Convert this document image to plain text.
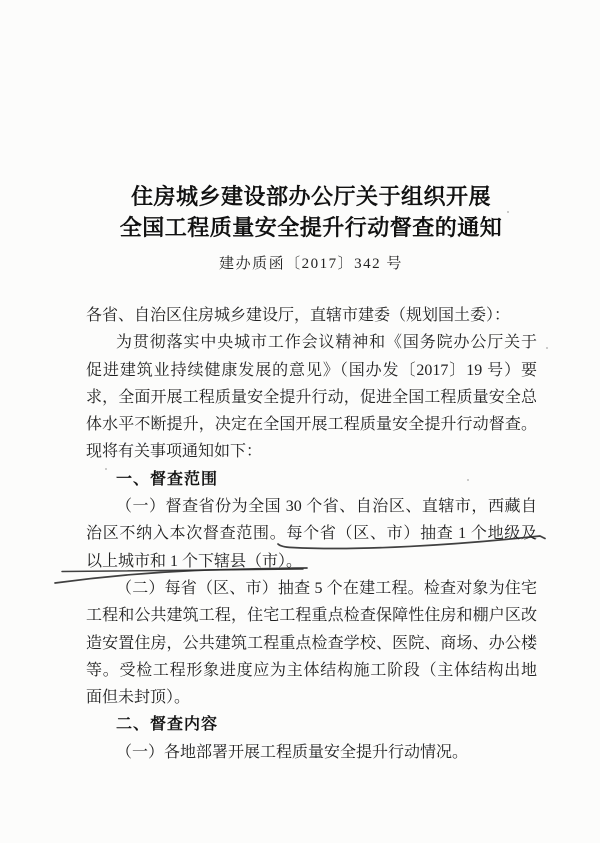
住房城乡建设部办公厅关于组织开展
全国工程质量安全提升行动督查的通知
建办质函〔2017〕342 号
各省、自治区住房城乡建设厅，直辖市建委（规划国土委）：
为贯彻落实中央城市工作会议精神和《国务院办公厅关于
促进建筑业持续健康发展的意见》（国办发〔2017〕19 号）要
求，全面开展工程质量安全提升行动，促进全国工程质量安全总
体水平不断提升，决定在全国开展工程质量安全提升行动督查。
现将有关事项通知如下：
一、督查范围
（一）督查省份为全国 30 个省、自治区、直辖市，西藏自
治区不纳入本次督查范围。每个省（区、市）抽查 1 个地级及
以上城市和 1 个下辖县（市）。
（二）每省（区、市）抽查 5 个在建工程。检查对象为住宅
工程和公共建筑工程，住宅工程重点检查保障性住房和棚户区改
造安置住房，公共建筑工程重点检查学校、医院、商场、办公楼
等。受检工程形象进度应为主体结构施工阶段（主体结构出地
面但未封顶）。
二、督查内容
（一）各地部署开展工程质量安全提升行动情况。
